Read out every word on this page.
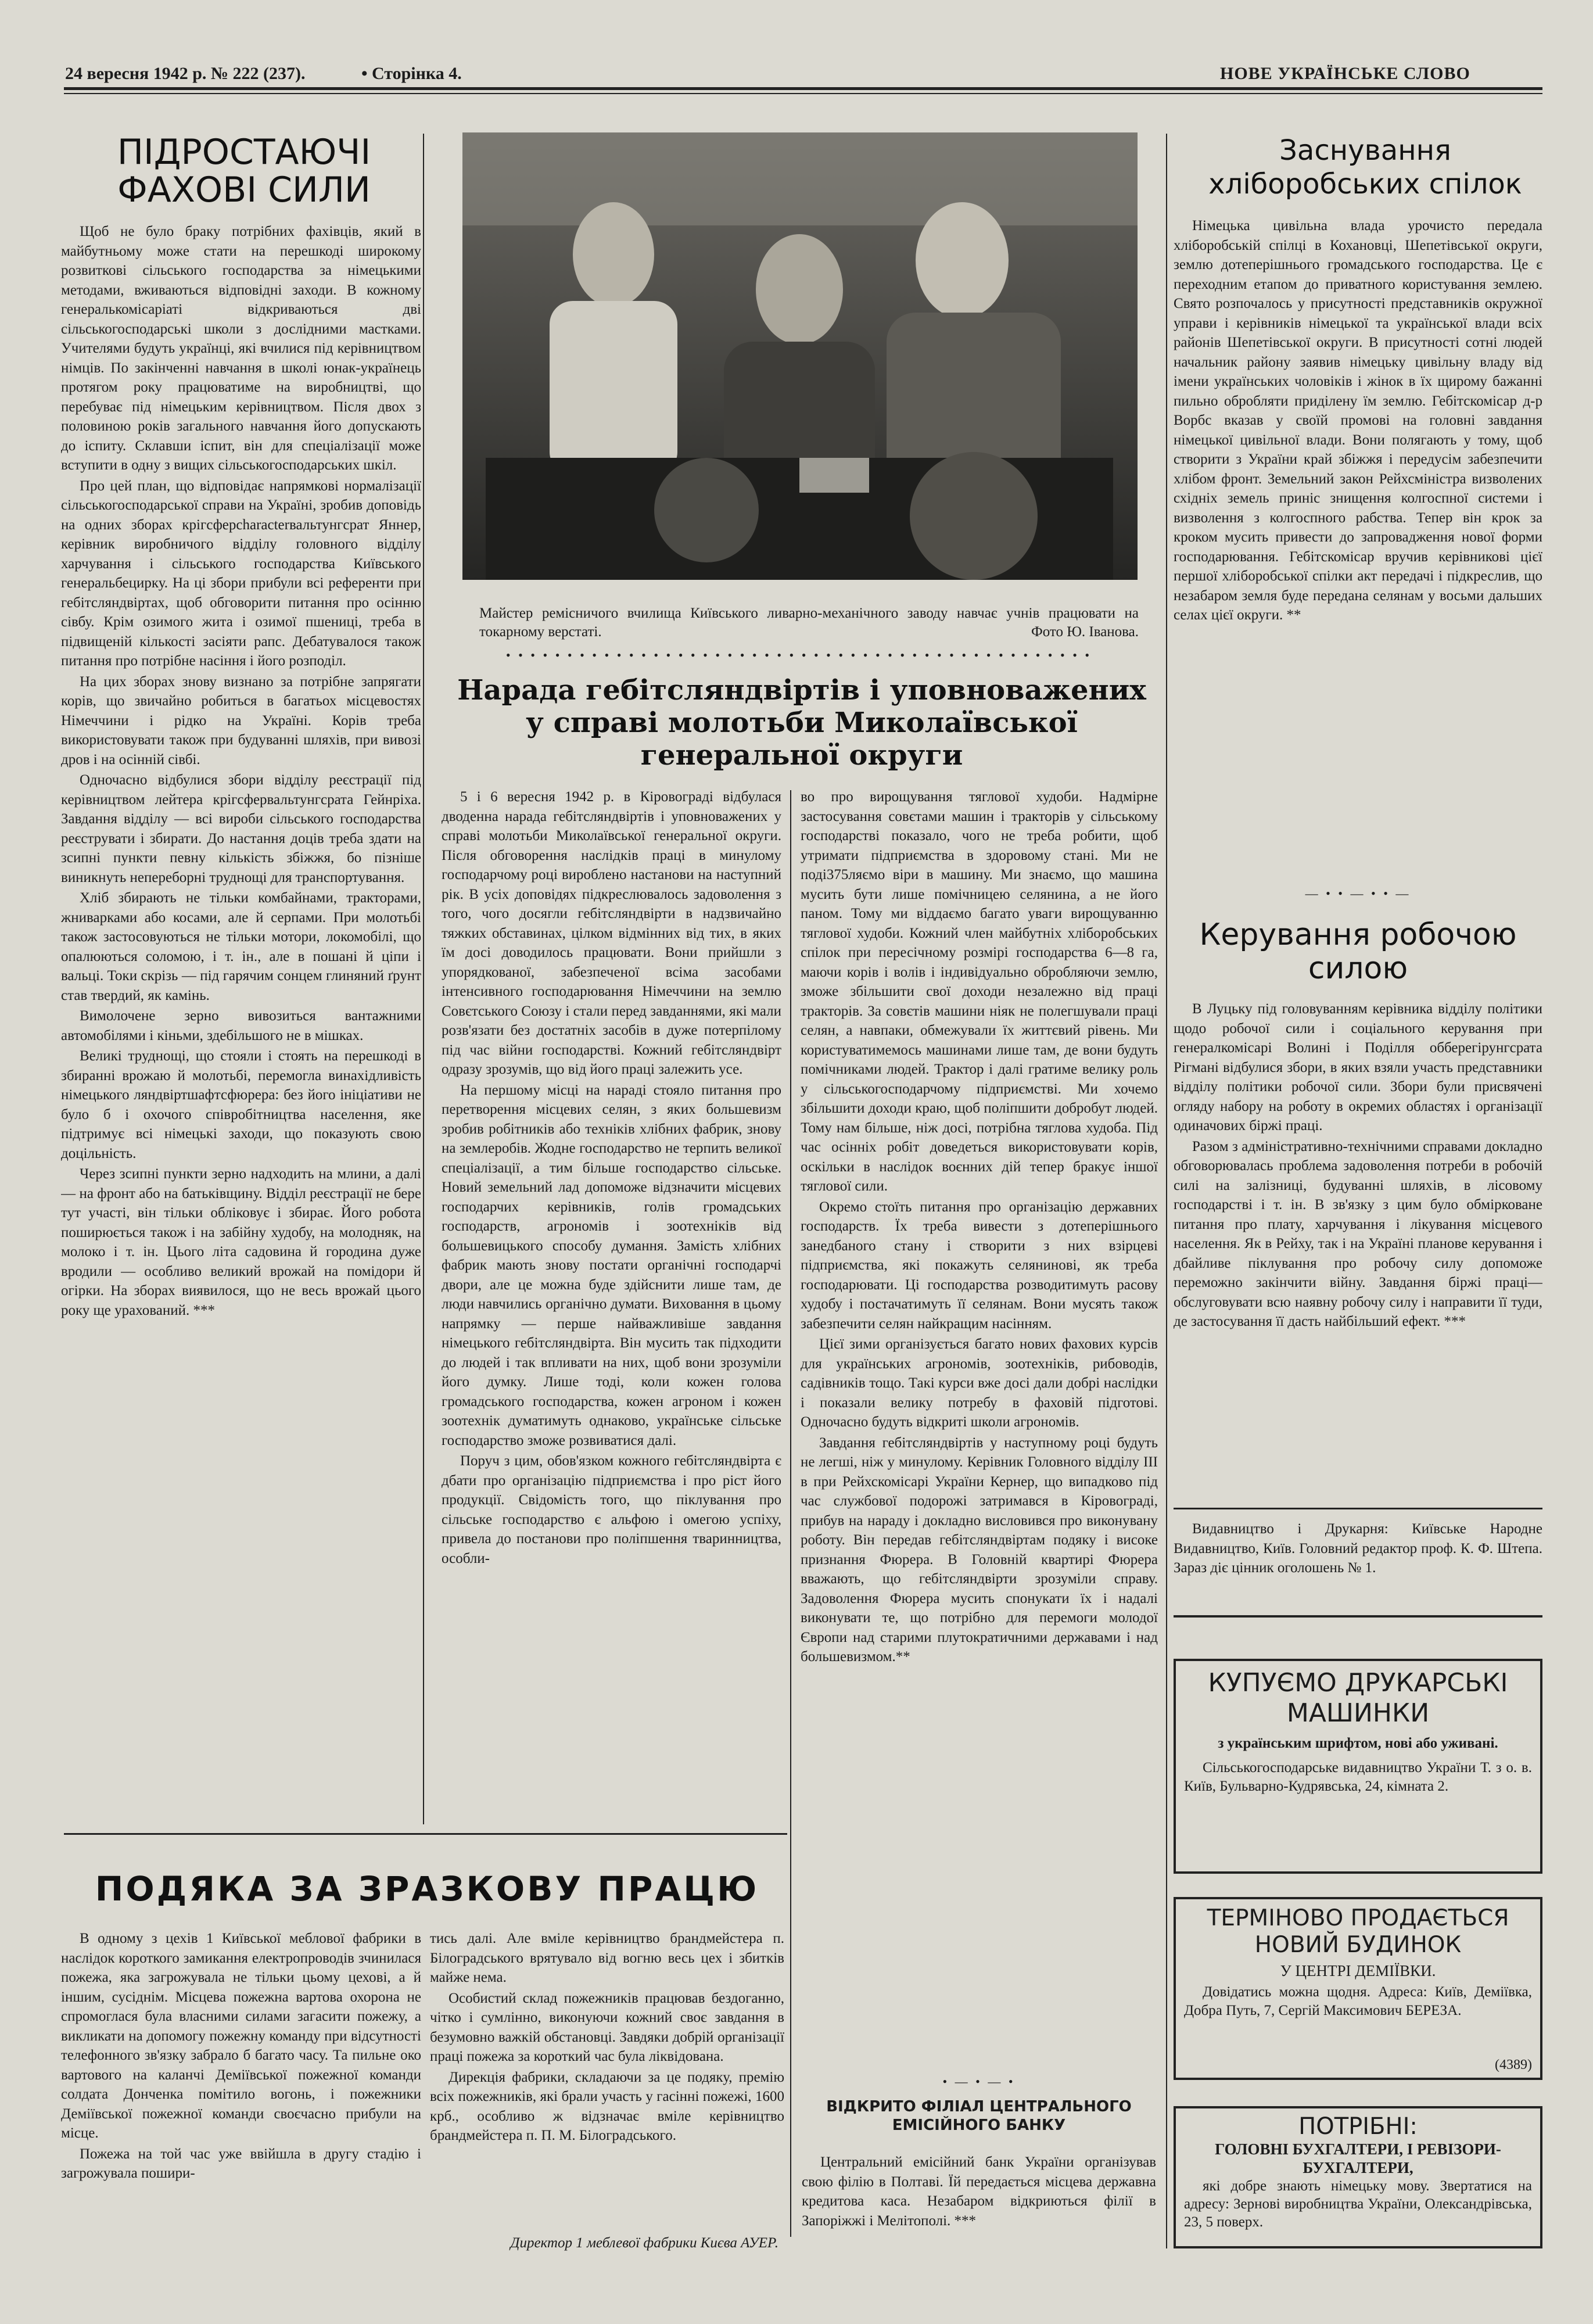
24 вересня 1942 р. № 222 (237).	• Сторінка 4.	НОВЕ УКРАЇНСЬКЕ СЛОВО
ПІДРОСТАЮЧІ ФАХОВІ СИЛИ

Щоб не було браку потрібних фахівців, який в майбутньому може стати на перешкоді широкому розвиткові сільського господарства за німецькими методами, вживаються відповідні заходи. В кожному генералькомісаріаті відкриваються дві сільськогосподарські школи з дослідними мастками. Учителями будуть українці, які вчилися під керівництвом німців. По закінченні навчання в школі юнак-українець протягом року працюватиме на виробництві, що перебуває під німецьким керівництвом. Після двох з половиною років загального навчання його допускають до іспиту. Склавши іспит, він для спеціалізації може вступити в одну з вищих сільськогосподарських шкіл.

Про цей план, що відповідає напрямкові нормалізації сільськогосподарської справи на Україні, зробив доповідь на одних зборах крігсферcharacterвальтунгсрат Яннер, керівник виробничого відділу головного відділу харчування і сільського господарства Київського генеральбецирку. На ці збори прибули всі референти при гебітсляндвіртах, щоб обговорити питання про осінню сівбу. Крім озимого жита і озимої пшениці, треба в підвищеній кількості засіяти рапс. Дебатувалося також питання про потрібне насіння і його розподіл.

На цих зборах знову визнано за потрібне запрягати корів, що звичайно робиться в багатьох місцевостях Німеччини і рідко на Україні. Корів треба використовувати також при будуванні шляхів, при вивозі дров і на осінній сівбі.

Одночасно відбулися збори відділу реєстрації під керівництвом лейтера крігсфервальтунгсрата Гейнріха. Завдання відділу — всі вироби сільського господарства реєструвати і збирати. До настання доців треба здати на зсипні пункти певну кількість збіжжя, бо пізніше виникнуть непереборні труднощі для транспортування.

Хліб збирають не тільки комбайнами, тракторами, жниварками або косами, але й серпами. При молотьбі також застосовуються не тільки мотори, локомобілі, що опалюються соломою, і т. ін., але в пошані й ціпи і вальці. Токи скрізь — під гарячим сонцем глиняний ґрунт став твердий, як камінь.

Вимолочене зерно вивозиться вантажними автомобілями і кіньми, здебільшого не в мішках.

Великі труднощі, що стояли і стоять на перешкоді в збиранні врожаю й молотьбі, перемогла винахідливість німецького ляндвіртшафтсфюрера: без його ініціативи не було б і охочого співробітництва населення, яке підтримує всі німецькі заходи, що показують свою доцільність.

Через зсипні пункти зерно надходить на млини, а далі — на фронт або на батьківщину. Відділ реєстрації не бере тут участі, він тільки обліковує і збирає. Його робота поширюється також і на забійну худобу, на молодняк, на молоко і т. ін. Цього літа садовина й городина дуже вродили — особливо великий врожай на помідори й огірки. На зборах виявилося, що не весь врожай цього року ще урахований. ***

Майстер ремісничого вчилища Київського ливарно-механічного заводу навчає учнів працювати на токарному верстаті.	Фото Ю. Іванова.
• • • • • • • • • • • • • • • • • • • • • • • • • • • • • • • • • • • • • • • • • • • • • • • •
Нарада гебітсляндвіртів і уповноважених у справі молотьби Миколаївської генеральної округи

5 і 6 вересня 1942 р. в Кіровограді відбулася дводенна нарада гебітсляндвіртів і уповноважених у справі молотьби Миколаївської генеральної округи. Після обговорення наслідків праці в минулому господарчому році вироблено настанови на наступний рік. В усіх доповідях підкреслювалось задоволення з того, чого досягли гебітсляндвірти в надзвичайно тяжких обставинах, цілком відмінних від тих, в яких їм досі доводилось працювати. Вони прийшли з упорядкованої, забезпеченої всіма засобами інтенсивного господарювання Німеччини на землю Совєтського Союзу і стали перед завданнями, які мали розв'язати без достатніх засобів в дуже потерпілому під час війни господарстві. Кожний гебітсляндвірт одразу зрозумів, що від його праці залежить усе.

На першому місці на нараді стояло питання про перетворення місцевих селян, з яких большевизм зробив робітників або техніків хлібних фабрик, знову на землеробів. Жодне господарство не терпить великої спеціалізації, а тим більше господарство сільське. Новий земельний лад допоможе відзначити місцевих господарчих керівників, голів громадських господарств, агрономів і зоотехніків від большевицького способу думання. Замість хлібних фабрик мають знову постати органічні господарчі двори, але це можна буде здійснити лише там, де люди навчились органічно думати. Виховання в цьому напрямку — перше найважливіше завдання німецького гебітсляндвірта. Він мусить так підходити до людей і так впливати на них, щоб вони зрозуміли його думку. Лише тоді, коли кожен голова громадського господарства, кожен агроном і кожен зоотехнік думатимуть однаково, українське сільське господарство зможе розвиватися далі.

Поруч з цим, обов'язком кожного гебітсляндвірта є дбати про організацію підприємства і про ріст його продукції. Свідомість того, що піклування про сільське господарство є альфою і омегою успіху, привела до постанови про поліпшення тваринництва, особли-

во про вирощування тяглової худоби. Надмірне застосування совєтами машин і тракторів у сільському господарстві показало, чого не треба робити, щоб утримати підприємства в здоровому стані. Ми не поді375ляємо віри в машину. Ми знаємо, що машина мусить бути лише помічницею селянина, а не його паном. Тому ми віддаємо багато уваги вирощуванню тяглової худоби. Кожний член майбутніх хліборобських спілок при пересічному розмірі господарства 6—8 га, маючи корів і волів і індивідуально обробляючи землю, зможе збільшити свої доходи незалежно від праці тракторів. За совєтів машини ніяк не полегшували праці селян, а навпаки, обмежували їх життєвий рівень. Ми користуватимемось машинами лише там, де вони будуть помічниками людей. Трактор і далі гратиме велику роль у сільськогосподарчому підприємстві. Ми хочемо збільшити доходи краю, щоб поліпшити добробут людей. Тому нам більше, ніж досі, потрібна тяглова худоба. Під час осінніх робіт доведеться використовувати корів, оскільки в наслідок воєнних дій тепер бракує іншої тяглової сили.

Окремо стоїть питання про організацію державних господарств. Їх треба вивести з дотеперішнього занедбаного стану і створити з них взірцеві підприємства, які покажуть селянинові, як треба господарювати. Ці господарства розводитимуть расову худобу і постачатимуть її селянам. Вони мусять також забезпечити селян найкращим насінням.

Цієї зими організується багато нових фахових курсів для українських агрономів, зоотехніків, рибоводів, садівників тощо. Такі курси вже досі дали добрі наслідки і показали велику потребу в фаховій підготові. Одночасно будуть відкриті школи агрономів.

Завдання гебітсляндвіртів у наступному році будуть не легші, ніж у минулому. Керівник Головного відділу III в при Рейхскомісарі України Кернер, що випадково під час службової подорожі затримався в Кіровограді, прибув на нараду і докладно висловився про виконувану роботу. Він передав гебітсляндвіртам подяку і високе признання Фюрера. В Головній квартирі Фюрера вважають, що гебітсляндвірти зрозуміли справу. Задоволення Фюрера мусить спонукати їх і надалі виконувати те, що потрібно для перемоги молодої Європи над старими плутократичними державами і над большевизмом.**

ПОДЯКА ЗА ЗРАЗКОВУ ПРАЦЮ

В одному з цехів 1 Київської меблової фабрики в наслідок короткого замикання електропроводів зчинилася пожежа, яка загрожувала не тільки цьому цехові, а й іншим, сусіднім. Місцева пожежна вартова охорона не спромоглася була власними силами загасити пожежу, а викликати на допомогу пожежну команду при відсутності телефонного зв'язку забрало б багато часу. Та пильне око вартового на каланчі Деміївської пожежної команди солдата Донченка помітило вогонь, і пожежники Деміївської пожежної команди своєчасно прибули на місце.

Пожежа на той час уже ввійшла в другу стадію і загрожувала пошири-

тись далі. Але вміле керівництво брандмейстера п. Білоградського врятувало від вогню весь цех і збитків майже нема.

Особистий склад пожежників працював бездоганно, чітко і сумлінно, виконуючи кожний своє завдання в безумовно важкій обстановці. Завдяки добрій організації праці пожежа за короткий час була ліквідована.

Дирекція фабрики, складаючи за це подяку, премію всіх пожежників, які брали участь у гасінні пожежі, 1600 крб., особливо ж відзначає вміле керівництво брандмейстера п. П. М. Білоградського.

Директор 1 меблевої фабрики Києва АУЕР.
• — • — •
ВІДКРИТО ФІЛІАЛ ЦЕНТРАЛЬНОГО ЕМІСІЙНОГО БАНКУ

Центральний емісійний банк України організував свою філію в Полтаві. Їй передається місцева державна кредитова каса. Незабаром відкриються філії в Запоріжжі і Мелітополі. ***

Заснування хліборобських спілок

Німецька цивільна влада урочисто передала хліборобській спілці в Кохановці, Шепетівської округи, землю дотеперішнього громадського господарства. Це є переходним етапом до приватного користування землею. Свято розпочалось у присутності представників окружної управи і керівників німецької та української влади всіх районів Шепетівської округи. В присутності сотні людей начальник району заявив німецьку цивільну владу від імени українських чоловіків і жінок в їх щирому бажанні пильно обробляти приділену їм землю. Гебітскомісар д-р Ворбс вказав у своїй промові на головні завдання німецької цивільної влади. Вони полягають у тому, щоб створити з України край збіжжя і передусім забезпечити хлібом фронт. Земельний закон Рейхсміністра визволених східніх земель приніс знищення колгоспної системи і визволення з колгоспного рабства. Тепер він крок за кроком мусить привести до запровадження нової форми господарювання. Гебітскомісар вручив керівникові цієї першої хліборобської спілки акт передачі і підкреслив, що незабаром земля буде передана селянам у восьми дальших селах цієї округи. **

— • • — • • —
Керування робочою силою

В Луцьку під головуванням керівника відділу політики щодо робочої сили і соціального керування при генералкомісарі Волині і Поділля обберегірунгсрата Рігмані відбулися збори, в яких взяли участь представники відділу політики робочої сили. Збори були присвячені огляду набору на роботу в окремих областях і організації одиначових біржі праці.

Разом з адміністративно-технічними справами докладно обговорювалась проблема задоволення потреби в робочій силі на залізниці, будуванні шляхів, в лісовому господарстві і т. ін. В зв'язку з цим було обмірковане питання про плату, харчування і лікування місцевого населення. Як в Рейху, так і на Україні планове керування і дбайливе піклування про робочу силу допоможе переможно закінчити війну. Завдання біржі праці—обслуговувати всю наявну робочу силу і направити її туди, де застосування її дасть найбільший ефект. ***

Видавництво і Друкарня: Київське Народне Видавництво, Київ. Головний редактор проф. К. Ф. Штепа. Зараз діє цінник оголошень № 1.

КУПУЄМО ДРУКАРСЬКІ МАШИНКИ
з українським шрифтом, нові або уживані.
Сільськогосподарське видавництво України Т. з о. в. Київ, Бульварно-Кудрявська, 24, кімната 2.
ТЕРМІНОВО ПРОДАЄТЬСЯ НОВИЙ БУДИНОК
У ЦЕНТРІ ДЕМІЇВКИ.
Довідатись можна щодня. Адреса: Київ, Деміївка, Добра Путь, 7, Сергій Максимович БЕРЕЗА.
(4389)
ПОТРІБНІ:
ГОЛОВНІ БУХГАЛТЕРИ, І РЕВІЗОРИ-БУХГАЛТЕРИ,
які добре знають німецьку мову. Звертатися на адресу: Зернові виробництва України, Олександрівська, 23, 5 поверх.
